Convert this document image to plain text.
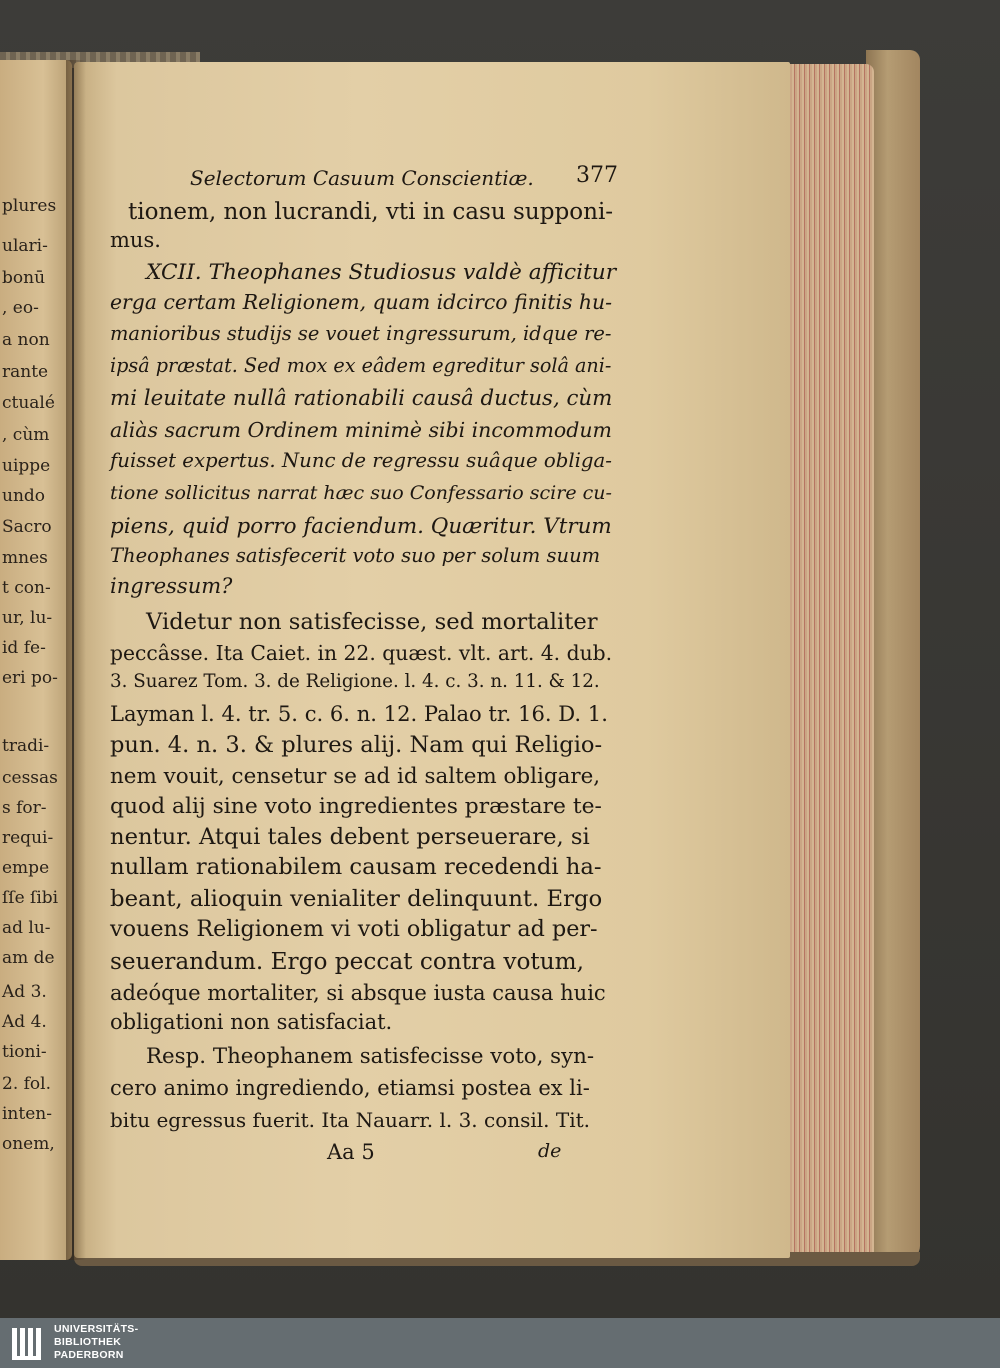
plures
ulari-
bonū
, eo-
a non
rante
ctualé
, cùm
uippe
undo
Sacro
mnes
t con-
ur, lu-
id fe-
eri po-
tradi-
cessas
s for-
requi-
empe
ſſe ſibi
ad lu-
am de
Ad 3.
Ad 4.
tioni-
2. fol.
inten-
onem,
Selectorum Casuum Conscientiæ. 377
tionem, non lucrandi, vti in casu supponi-
mus.
XCII. Theophanes Studiosus valdè afficitur
erga certam Religionem, quam idcirco finitis hu-
manioribus studijs se vouet ingressurum, idque re-
ipsâ præstat. Sed mox ex eâdem egreditur solâ ani-
mi leuitate nullâ rationabili causâ ductus, cùm
aliàs sacrum Ordinem minimè sibi incommodum
fuisset expertus. Nunc de regressu suâque obliga-
tione sollicitus narrat hæc suo Confessario scire cu-
piens, quid porro faciendum. Quæritur. Vtrum
Theophanes satisfecerit voto suo per solum suum
ingressum?
Videtur non satisfecisse, sed mortaliter
peccâsse. Ita Caiet. in 22. quæst. vlt. art. 4. dub.
3. Suarez Tom. 3. de Religione. l. 4. c. 3. n. 11. & 12.
Layman l. 4. tr. 5. c. 6. n. 12. Palao tr. 16. D. 1.
pun. 4. n. 3. & plures alij. Nam qui Religio-
nem vouit, censetur se ad id saltem obligare,
quod alij sine voto ingredientes præstare te-
nentur. Atqui tales debent perseuerare, si
nullam rationabilem causam recedendi ha-
beant, alioquin venialiter delinquunt. Ergo
vouens Religionem vi voti obligatur ad per-
seuerandum. Ergo peccat contra votum,
adeóque mortaliter, si absque iusta causa huic
obligationi non satisfaciat.
Resp. Theophanem satisfecisse voto, syn-
cero animo ingrediendo, etiamsi postea ex li-
bitu egressus fuerit. Ita Nauarr. l. 3. consil. Tit.
Aa 5	de
UNIVERSITÄTS-
BIBLIOTHEK
PADERBORN
